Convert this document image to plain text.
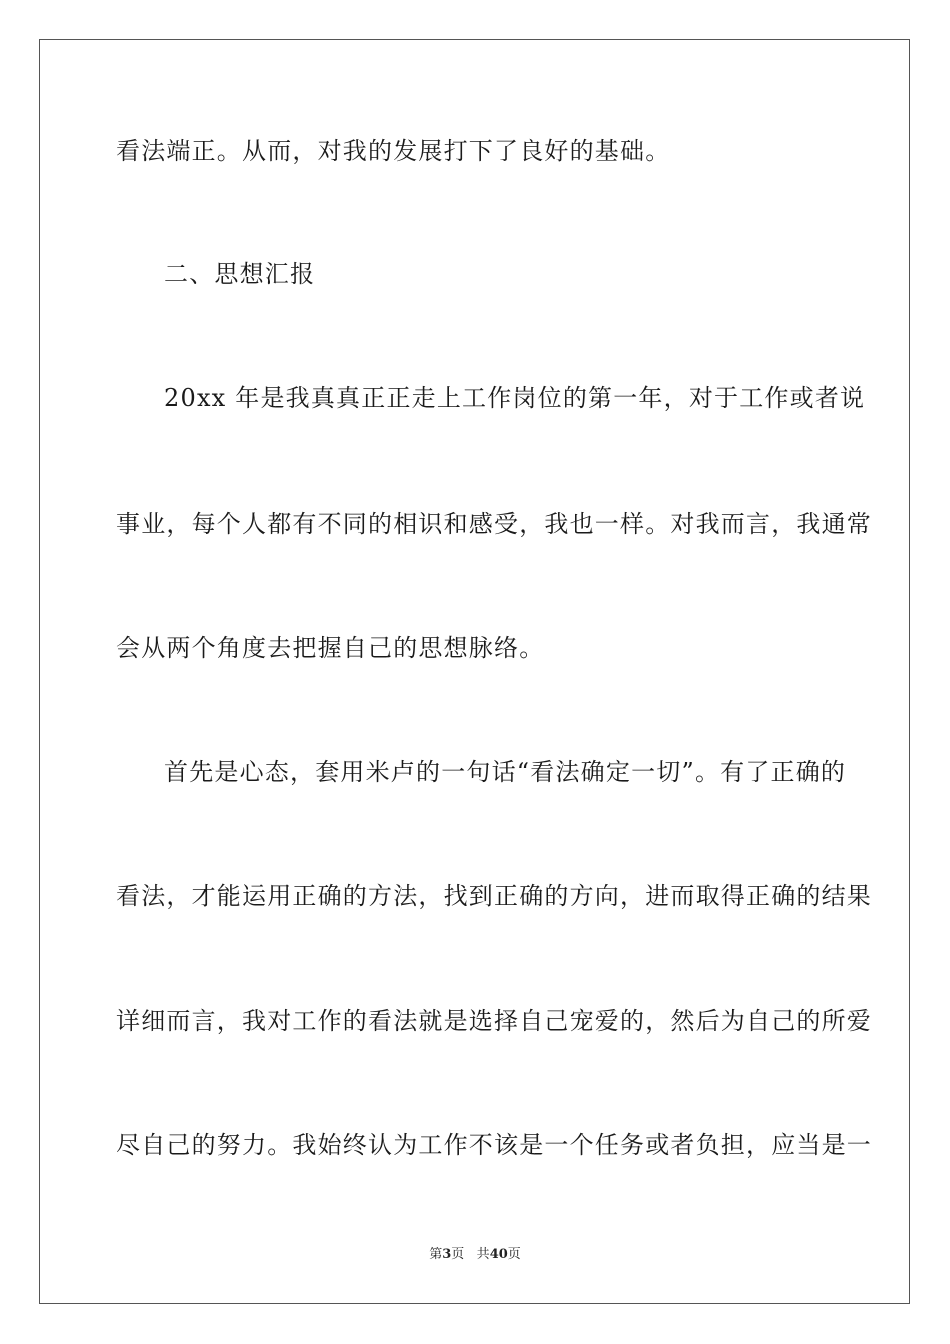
看法端正。从而，对我的发展打下了良好的基础。
二、思想汇报
20xx 年是我真真正正走上工作岗位的第一年，对于工作或者说
事业，每个人都有不同的相识和感受，我也一样。对我而言，我通常
会从两个角度去把握自己的思想脉络。
首先是心态，套用米卢的一句话“看法确定一切”。有了正确的
看法，才能运用正确的方法，找到正确的方向，进而取得正确的结果
详细而言，我对工作的看法就是选择自己宠爱的，然后为自己的所爱
尽自己的努力。我始终认为工作不该是一个任务或者负担，应当是一
第3页 共40页
